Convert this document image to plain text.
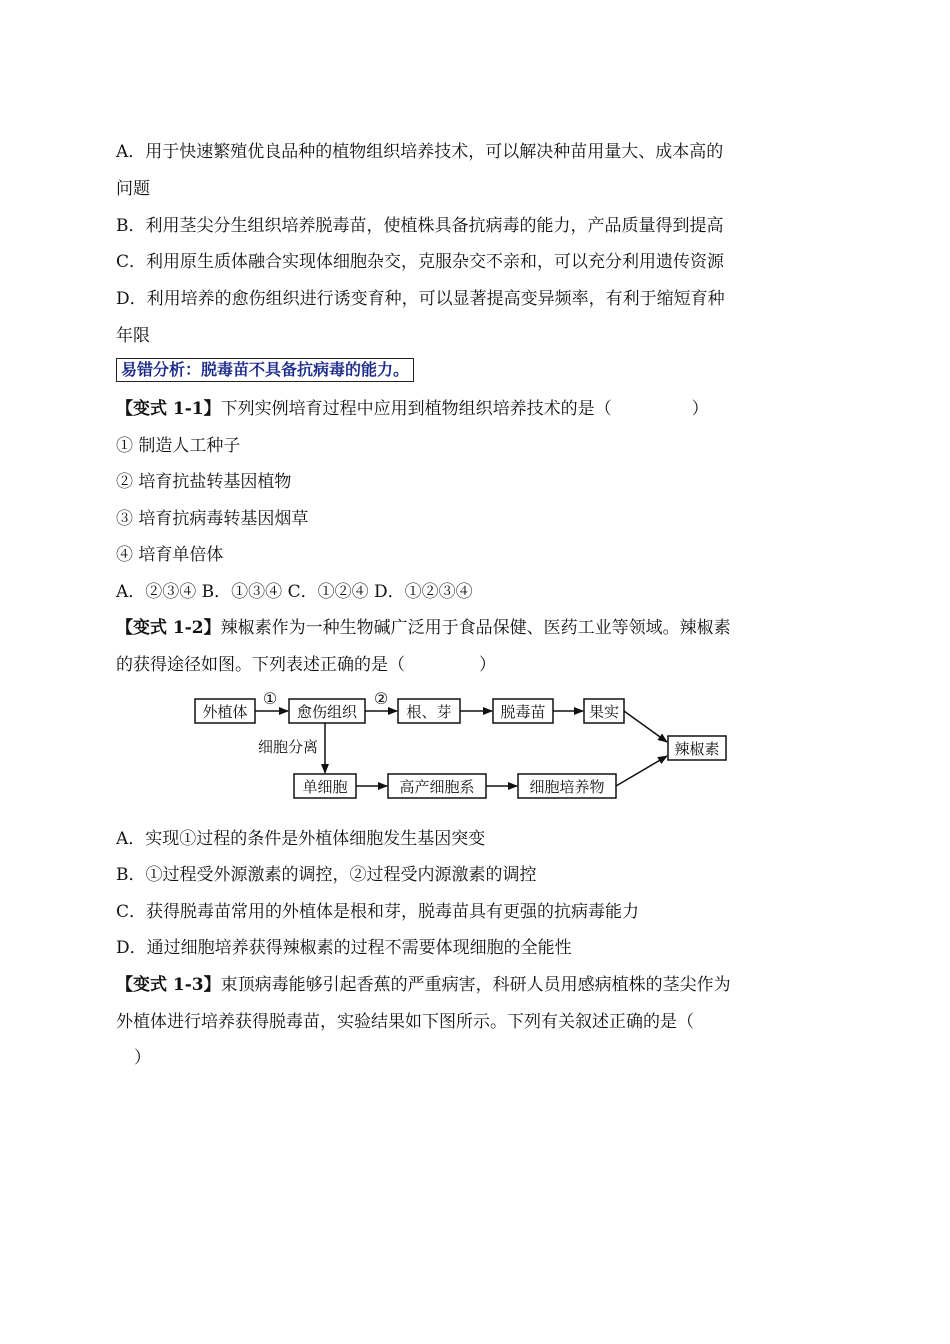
A．用于快速繁殖优良品种的植物组织培养技术，可以解决种苗用量大、成本高的
问题
B．利用茎尖分生组织培养脱毒苗，使植株具备抗病毒的能力，产品质量得到提高
C．利用原生质体融合实现体细胞杂交，克服杂交不亲和，可以充分利用遗传资源
D．利用培养的愈伤组织进行诱变育种，可以显著提高变异频率，有利于缩短育种
年限
易错分析：脱毒苗不具备抗病毒的能力。
【变式 1-1】下列实例培育过程中应用到植物组织培养技术的是（	）
① 制造人工种子
② 培育抗盐转基因植物
③ 培育抗病毒转基因烟草
④ 培育单倍体
A．②③④ B．①③④ C．①②④ D．①②③④
【变式 1-2】辣椒素作为一种生物碱广泛用于食品保健、医药工业等领域。辣椒素
的获得途径如图。下列表述正确的是（	）
外植体
①
愈伤组织
②
根、芽	脱毒苗	果实
辣椒素
细胞分离
单细胞	高产细胞系	细胞培养物
A．实现①过程的条件是外植体细胞发生基因突变
B．①过程受外源激素的调控，②过程受内源激素的调控
C．获得脱毒苗常用的外植体是根和芽，脱毒苗具有更强的抗病毒能力
D．通过细胞培养获得辣椒素的过程不需要体现细胞的全能性
【变式 1-3】束顶病毒能够引起香蕉的严重病害，科研人员用感病植株的茎尖作为
外植体进行培养获得脱毒苗，实验结果如下图所示。下列有关叙述正确的是（
）
